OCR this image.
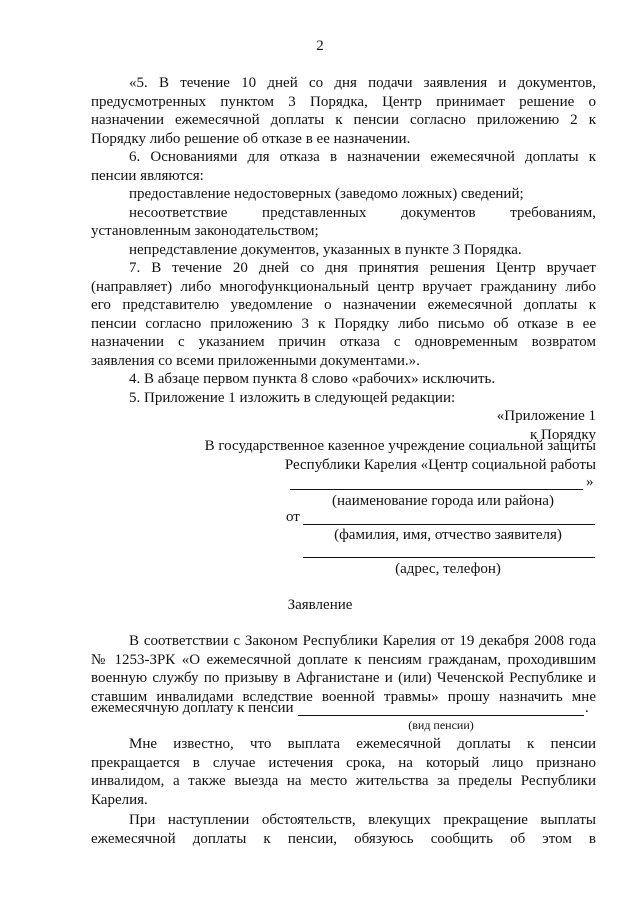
2
«5. В течение 10 дней со дня подачи заявления и документов,
предусмотренных пунктом 3 Порядка, Центр принимает решение о
назначении ежемесячной доплаты к пенсии согласно приложению 2 к
Порядку либо решение об отказе в ее назначении.
6. Основаниями для отказа в назначении ежемесячной доплаты к
пенсии являются:
предоставление недостоверных (заведомо ложных) сведений;
несоответствие представленных документов требованиям,
установленным законодательством;
непредставление документов, указанных в пункте 3 Порядка.
7. В течение 20 дней со дня принятия решения Центр вручает
(направляет) либо многофункциональный центр вручает гражданину либо
его представителю уведомление о назначении ежемесячной доплаты к
пенсии согласно приложению 3 к Порядку либо письмо об отказе в ее
назначении с указанием причин отказа с одновременным возвратом
заявления со всеми приложенными документами.».
4. В абзаце первом пункта 8 слово «рабочих» исключить.
5. Приложение 1 изложить в следующей редакции:
«Приложение 1
к Порядку
В государственное казенное учреждение социальной защиты
Республики Карелия «Центр социальной работы
»
(наименование города или района)
от
(фамилия, имя, отчество заявителя)
(адрес, телефон)
Заявление
В соответствии с Законом Республики Карелия от 19 декабря 2008 года
№ 1253-ЗРК «О ежемесячной доплате к пенсиям гражданам, проходившим
военную службу по призыву в Афганистане и (или) Чеченской Республике и
ставшим инвалидами вследствие военной травмы» прошу назначить мне
ежемесячную доплату к пенсии	.
(вид пенсии)
Мне известно, что выплата ежемесячной доплаты к пенсии
прекращается в случае истечения срока, на который лицо признано
инвалидом, а также выезда на место жительства за пределы Республики
Карелия.
При наступлении обстоятельств, влекущих прекращение выплаты
ежемесячной доплаты к пенсии, обязуюсь сообщить об этом в
